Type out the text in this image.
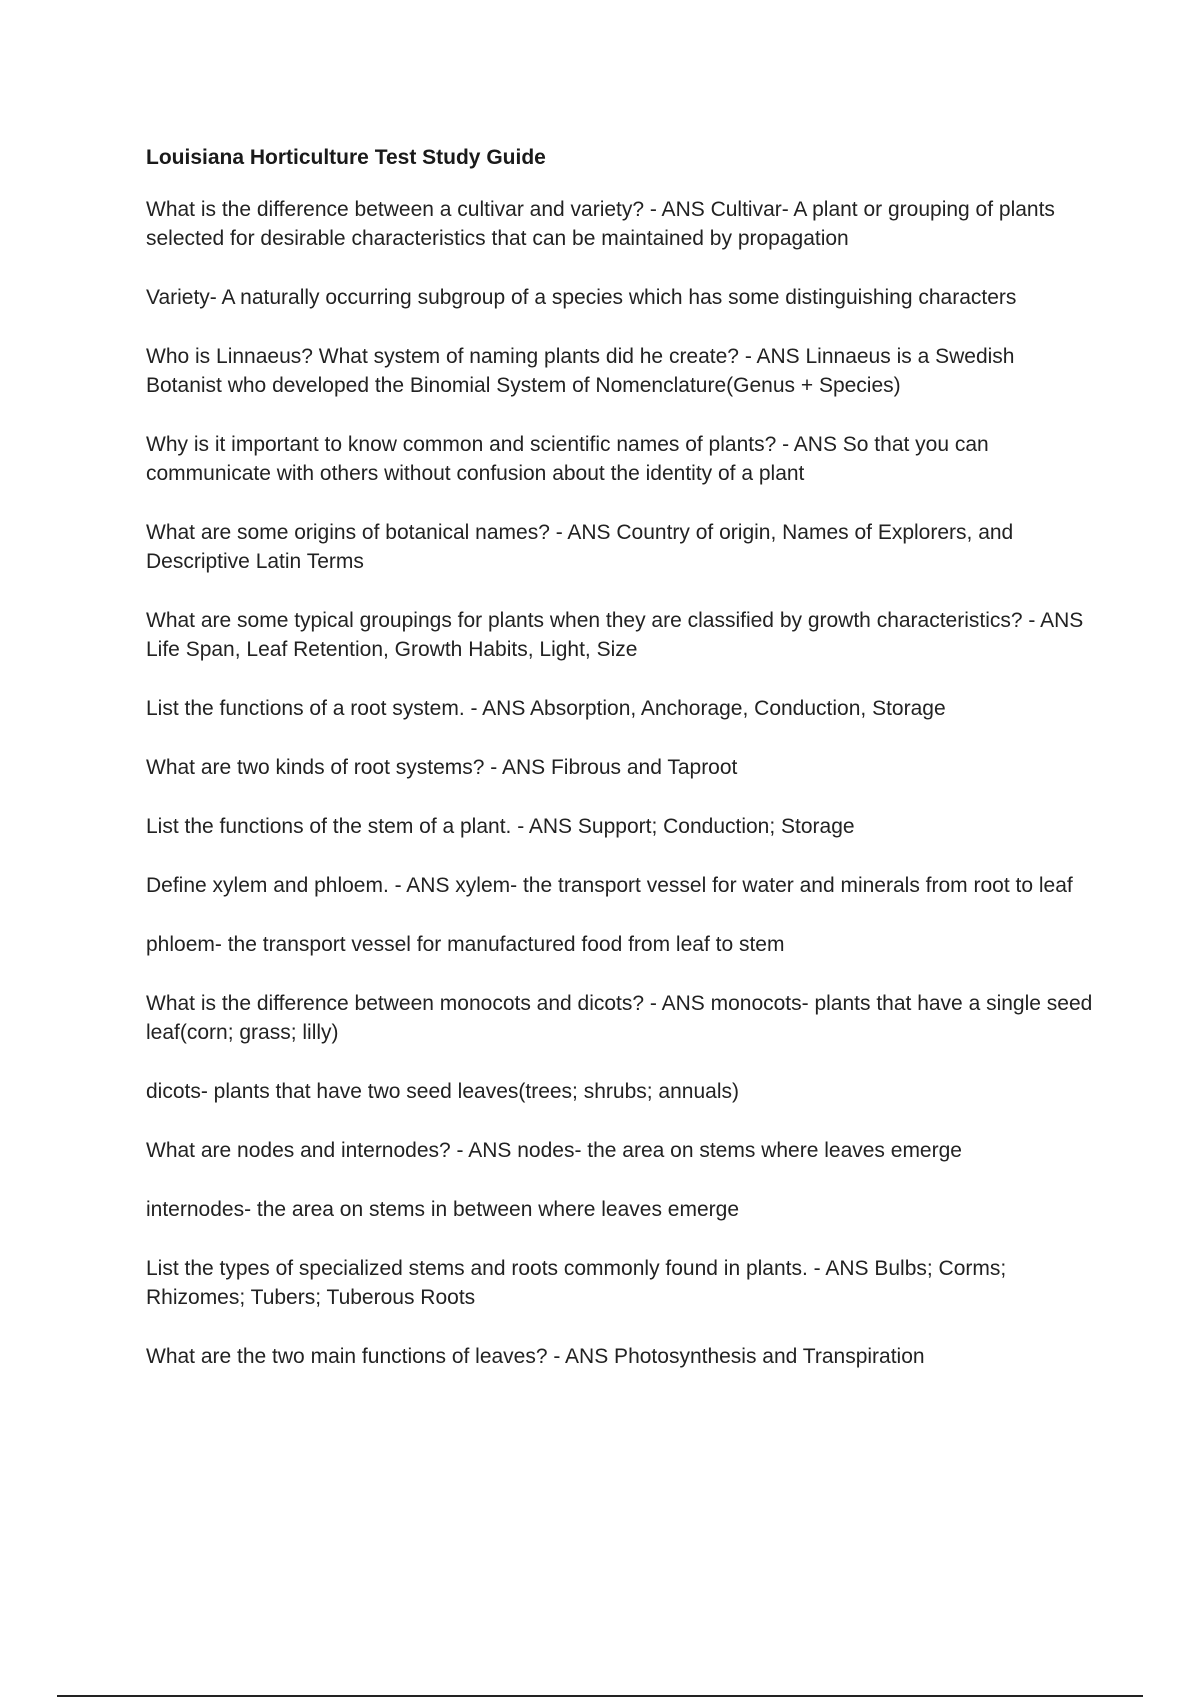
Louisiana Horticulture Test Study Guide

What is the difference between a cultivar and variety? - ANS Cultivar- A plant or grouping of plants selected for desirable characteristics that can be maintained by propagation

Variety- A naturally occurring subgroup of a species which has some distinguishing characters

Who is Linnaeus? What system of naming plants did he create? - ANS Linnaeus is a Swedish Botanist who developed the Binomial System of Nomenclature(Genus + Species)

Why is it important to know common and scientific names of plants? - ANS So that you can communicate with others without confusion about the identity of a plant

What are some origins of botanical names? - ANS Country of origin, Names of Explorers, and Descriptive Latin Terms

What are some typical groupings for plants when they are classified by growth characteristics? - ANS Life Span, Leaf Retention, Growth Habits, Light, Size

List the functions of a root system. - ANS Absorption, Anchorage, Conduction, Storage

What are two kinds of root systems? - ANS Fibrous and Taproot

List the functions of the stem of a plant. - ANS Support; Conduction; Storage

Define xylem and phloem. - ANS xylem- the transport vessel for water and minerals from root to leaf

phloem- the transport vessel for manufactured food from leaf to stem

What is the difference between monocots and dicots? - ANS monocots- plants that have a single seed leaf(corn; grass; lilly)

dicots- plants that have two seed leaves(trees; shrubs; annuals)

What are nodes and internodes? - ANS nodes- the area on stems where leaves emerge

internodes- the area on stems in between where leaves emerge

List the types of specialized stems and roots commonly found in plants. - ANS Bulbs; Corms; Rhizomes; Tubers; Tuberous Roots

What are the two main functions of leaves? - ANS Photosynthesis and Transpiration
